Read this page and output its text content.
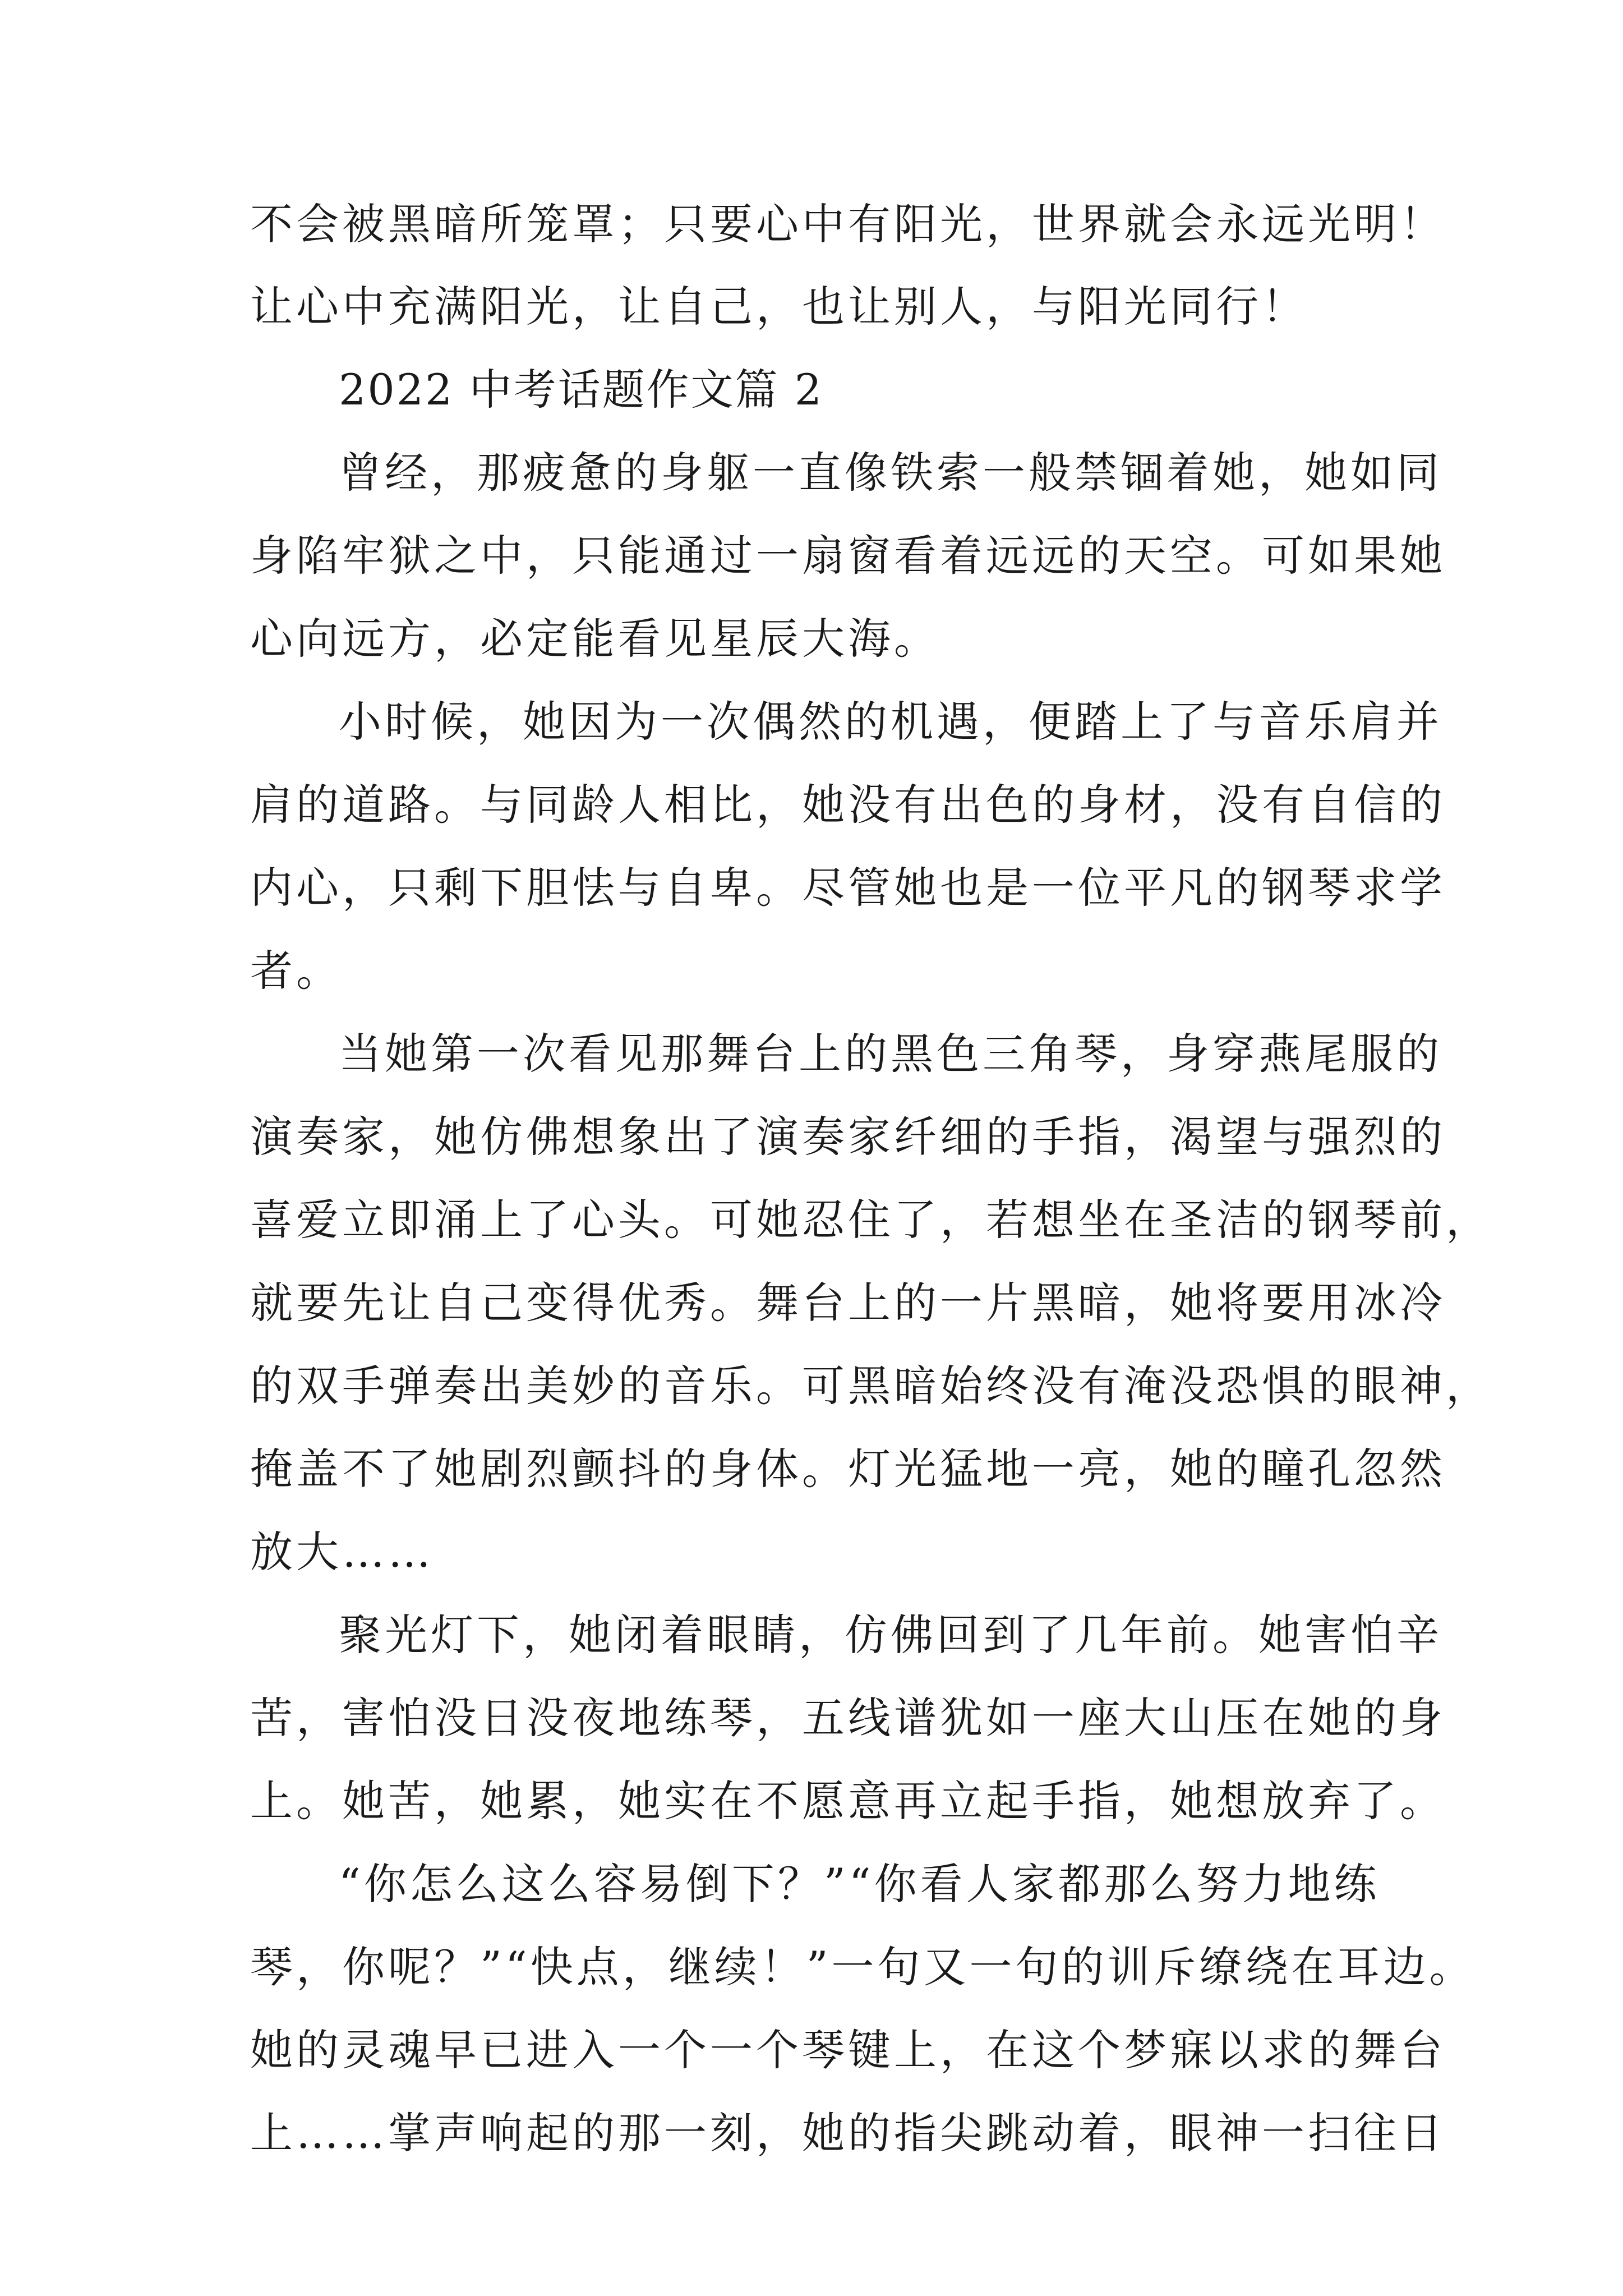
不会被黑暗所笼罩；只要心中有阳光，世界就会永远光明！
让心中充满阳光，让自己，也让别人，与阳光同行！
2022 中考话题作文篇 2
曾经，那疲惫的身躯一直像铁索一般禁锢着她，她如同
身陷牢狱之中，只能通过一扇窗看着远远的天空。可如果她
心向远方，必定能看见星辰大海。
小时候，她因为一次偶然的机遇，便踏上了与音乐肩并
肩的道路。与同龄人相比，她没有出色的身材，没有自信的
内心，只剩下胆怯与自卑。尽管她也是一位平凡的钢琴求学
者。
当她第一次看见那舞台上的黑色三角琴，身穿燕尾服的
演奏家，她仿佛想象出了演奏家纤细的手指，渴望与强烈的
喜爱立即涌上了心头。可她忍住了，若想坐在圣洁的钢琴前，
就要先让自己变得优秀。舞台上的一片黑暗，她将要用冰冷
的双手弹奏出美妙的音乐。可黑暗始终没有淹没恐惧的眼神，
掩盖不了她剧烈颤抖的身体。灯光猛地一亮，她的瞳孔忽然
放大……
聚光灯下，她闭着眼睛，仿佛回到了几年前。她害怕辛
苦，害怕没日没夜地练琴，五线谱犹如一座大山压在她的身
上。她苦，她累，她实在不愿意再立起手指，她想放弃了。
“你怎么这么容易倒下？”“你看人家都那么努力地练
琴，你呢？”“快点，继续！”一句又一句的训斥缭绕在耳边。
她的灵魂早已进入一个一个琴键上，在这个梦寐以求的舞台
上……掌声响起的那一刻，她的指尖跳动着，眼神一扫往日
